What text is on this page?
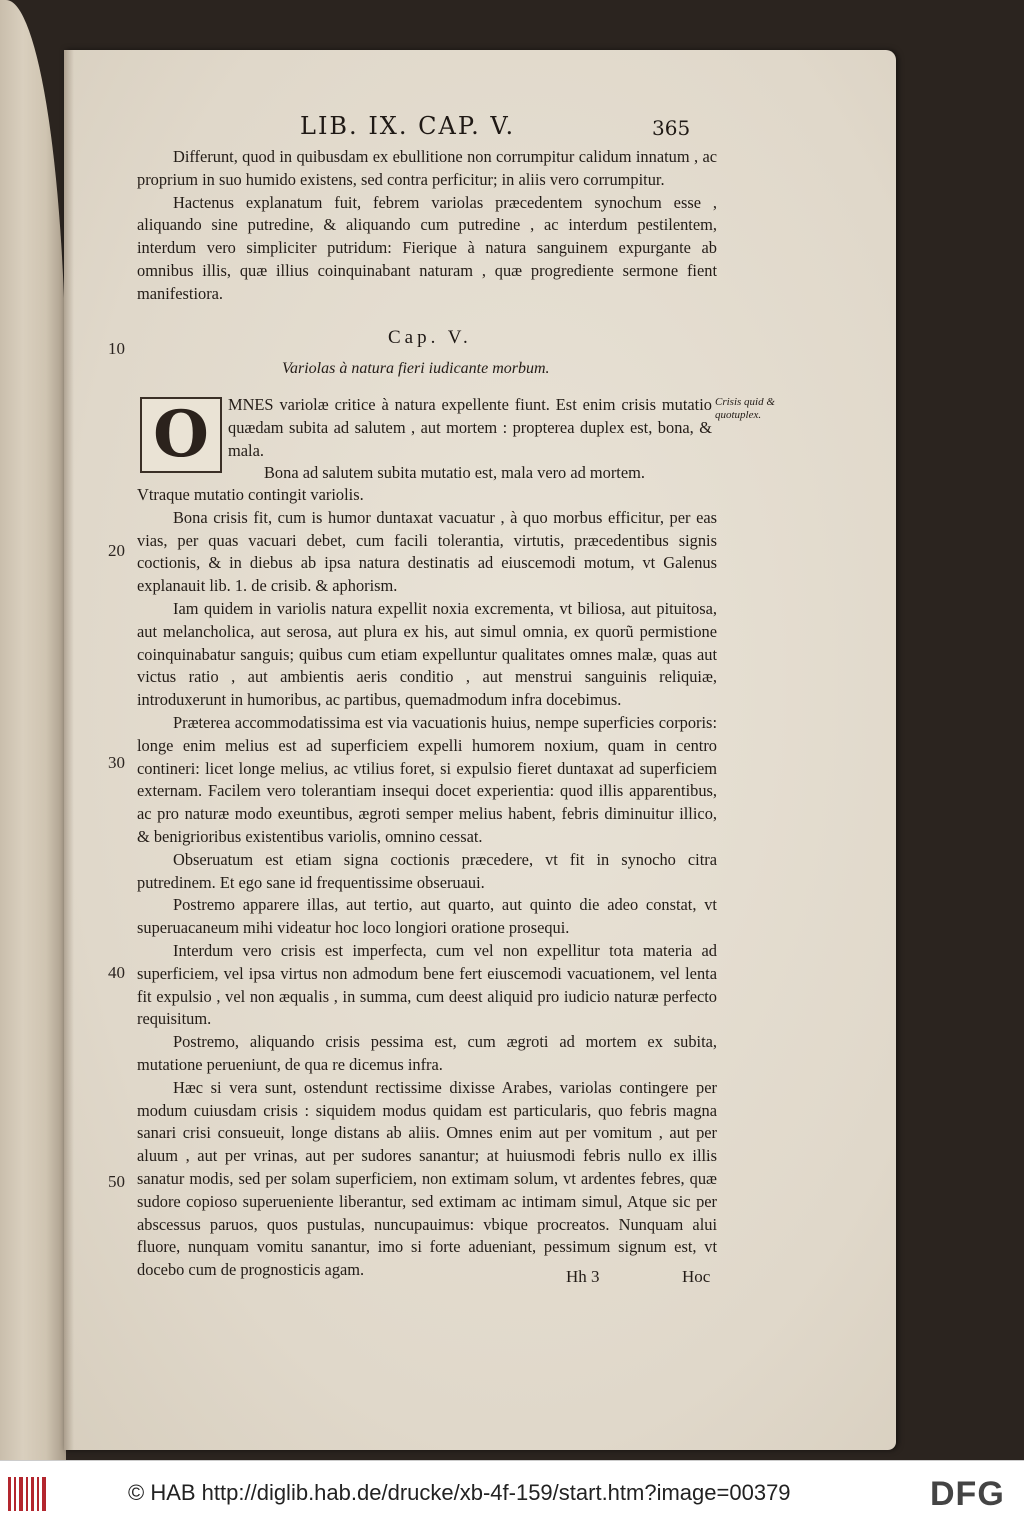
LIB. IX. CAP. V.	365

Differunt, quod in quibusdam ex ebullitione non corrumpitur calidum innatum , ac proprium in suo humido existens, sed contra perficitur; in aliis vero corrumpitur.

Hactenus explanatum fuit, febrem variolas præcedentem synochum esse , aliquando sine putredine, & aliquando cum putredine , ac interdum pestilentem, interdum vero simpliciter putridum: Fierique à natura sanguinem expurgante ab omnibus illis, quæ illius coinquinabant naturam , quæ progrediente sermone fient manifestiora.

10
Cap. V.
Variolas à natura fieri iudicante morbum.
Crisis quid & quotuplex.
O MNES variolæ critice à natura expellente fiunt. Est enim crisis mutatio quædam subita ad salutem , aut mortem : propterea duplex est, bona, & mala.

Bona ad salutem subita mutatio est, mala vero ad mortem.

Vtraque mutatio contingit variolis.

Bona crisis fit, cum is humor duntaxat vacuatur , à quo morbus efficitur, per eas vias, per quas vacuari debet, cum facili tolerantia, virtutis, præcedentibus signis coctionis, & in diebus ab ipsa natura destinatis ad eiuscemodi motum, vt Galenus explanauit lib. 1. de crisib. & aphorism.

Iam quidem in variolis natura expellit noxia excrementa, vt biliosa, aut pituitosa, aut melancholica, aut serosa, aut plura ex his, aut simul omnia, ex quorũ permistione coinquinabatur sanguis; quibus cum etiam expelluntur qualitates omnes malæ, quas aut victus ratio , aut ambientis aeris conditio , aut menstrui sanguinis reliquiæ, introduxerunt in humoribus, ac partibus, quemadmodum infra docebimus.

Præterea accommodatissima est via vacuationis huius, nempe superficies corporis: longe enim melius est ad superficiem expelli humorem noxium, quam in centro contineri: licet longe melius, ac vtilius foret, si expulsio fieret duntaxat ad superficiem externam. Facilem vero tolerantiam insequi docet experientia: quod illis apparentibus, ac pro naturæ modo exeuntibus, ægroti semper melius habent, febris diminuitur illico, & benigrioribus existentibus variolis, omnino cessat.

Obseruatum est etiam signa coctionis præcedere, vt fit in synocho citra putredinem. Et ego sane id frequentissime obseruaui.

Postremo apparere illas, aut tertio, aut quarto, aut quinto die adeo constat, vt superuacaneum mihi videatur hoc loco longiori oratione prosequi.

Interdum vero crisis est imperfecta, cum vel non expellitur tota materia ad superficiem, vel ipsa virtus non admodum bene fert eiuscemodi vacuationem, vel lenta fit expulsio , vel non æqualis , in summa, cum deest aliquid pro iudicio naturæ perfecto requisitum.

Postremo, aliquando crisis pessima est, cum ægroti ad mortem ex subita, mutatione perueniunt, de qua re dicemus infra.

Hæc si vera sunt, ostendunt rectissime dixisse Arabes, variolas contingere per modum cuiusdam crisis : siquidem modus quidam est particularis, quo febris magna sanari crisi consueuit, longe distans ab aliis. Omnes enim aut per vomitum , aut per aluum , aut per vrinas, aut per sudores sanantur; at huiusmodi febris nullo ex illis sanatur modis, sed per solam superficiem, non extimam solum, vt ardentes febres, quæ sudore copioso superueniente liberantur, sed extimam ac intimam simul, Atque sic per abscessus paruos, quos pustulas, nuncupauimus: vbique procreatos. Nunquam alui fluore, nunquam vomitu sanantur, imo si forte adueniant, pessimum signum est, vt docebo cum de prognosticis agam.

20
30
40
50
Hh 3	Hoc
© HAB http://diglib.hab.de/drucke/xb-4f-159/start.htm?image=00379	DFG
